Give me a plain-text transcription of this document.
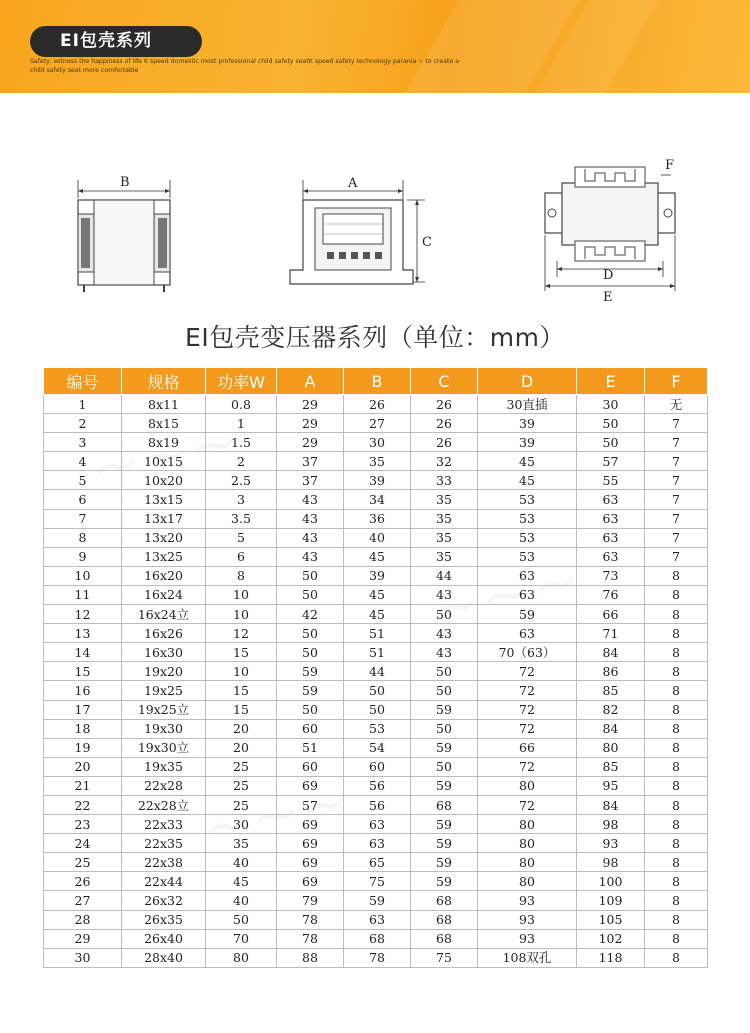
EI包壳系列
Safety, witness the happiness of life K speed domestic most professional child safety seatK speed safety technology parania ~ to create a child safety seat more comfortable
B	A
C
F
D
E
EI包壳变压器系列（单位：mm）
编号	规格	功率W	A	B	C	D	E	F
1	8x11	0.8	29	26	26	30直插	30	无
2	8x15	1	29	27	26	39	50	7
3	8x19	1.5	29	30	26	39	50	7
4	10x15	2	37	35	32	45	57	7
5	10x20	2.5	37	39	33	45	55	7
6	13x15	3	43	34	35	53	63	7
7	13x17	3.5	43	36	35	53	63	7
8	13x20	5	43	40	35	53	63	7
9	13x25	6	43	45	35	53	63	7
10	16x20	8	50	39	44	63	73	8
11	16x24	10	50	45	43	63	76	8
12	16x24立	10	42	45	50	59	66	8
13	16x26	12	50	51	43	63	71	8
14	16x30	15	50	51	43	70（63）	84	8
15	19x20	10	59	44	50	72	86	8
16	19x25	15	59	50	50	72	85	8
17	19x25立	15	50	50	59	72	82	8
18	19x30	20	60	53	50	72	84	8
19	19x30立	20	51	54	59	66	80	8
20	19x35	25	60	60	50	72	85	8
21	22x28	25	69	56	59	80	95	8
22	22x28立	25	57	56	68	72	84	8
23	22x33	30	69	63	59	80	98	8
24	22x35	35	69	63	59	80	93	8
25	22x38	40	69	65	59	80	98	8
26	22x44	45	69	75	59	80	100	8
27	26x32	40	79	59	68	93	109	8
28	26x35	50	78	63	68	93	105	8
29	26x40	70	78	68	68	93	102	8
30	28x40	80	88	78	75	108双孔	118	8
